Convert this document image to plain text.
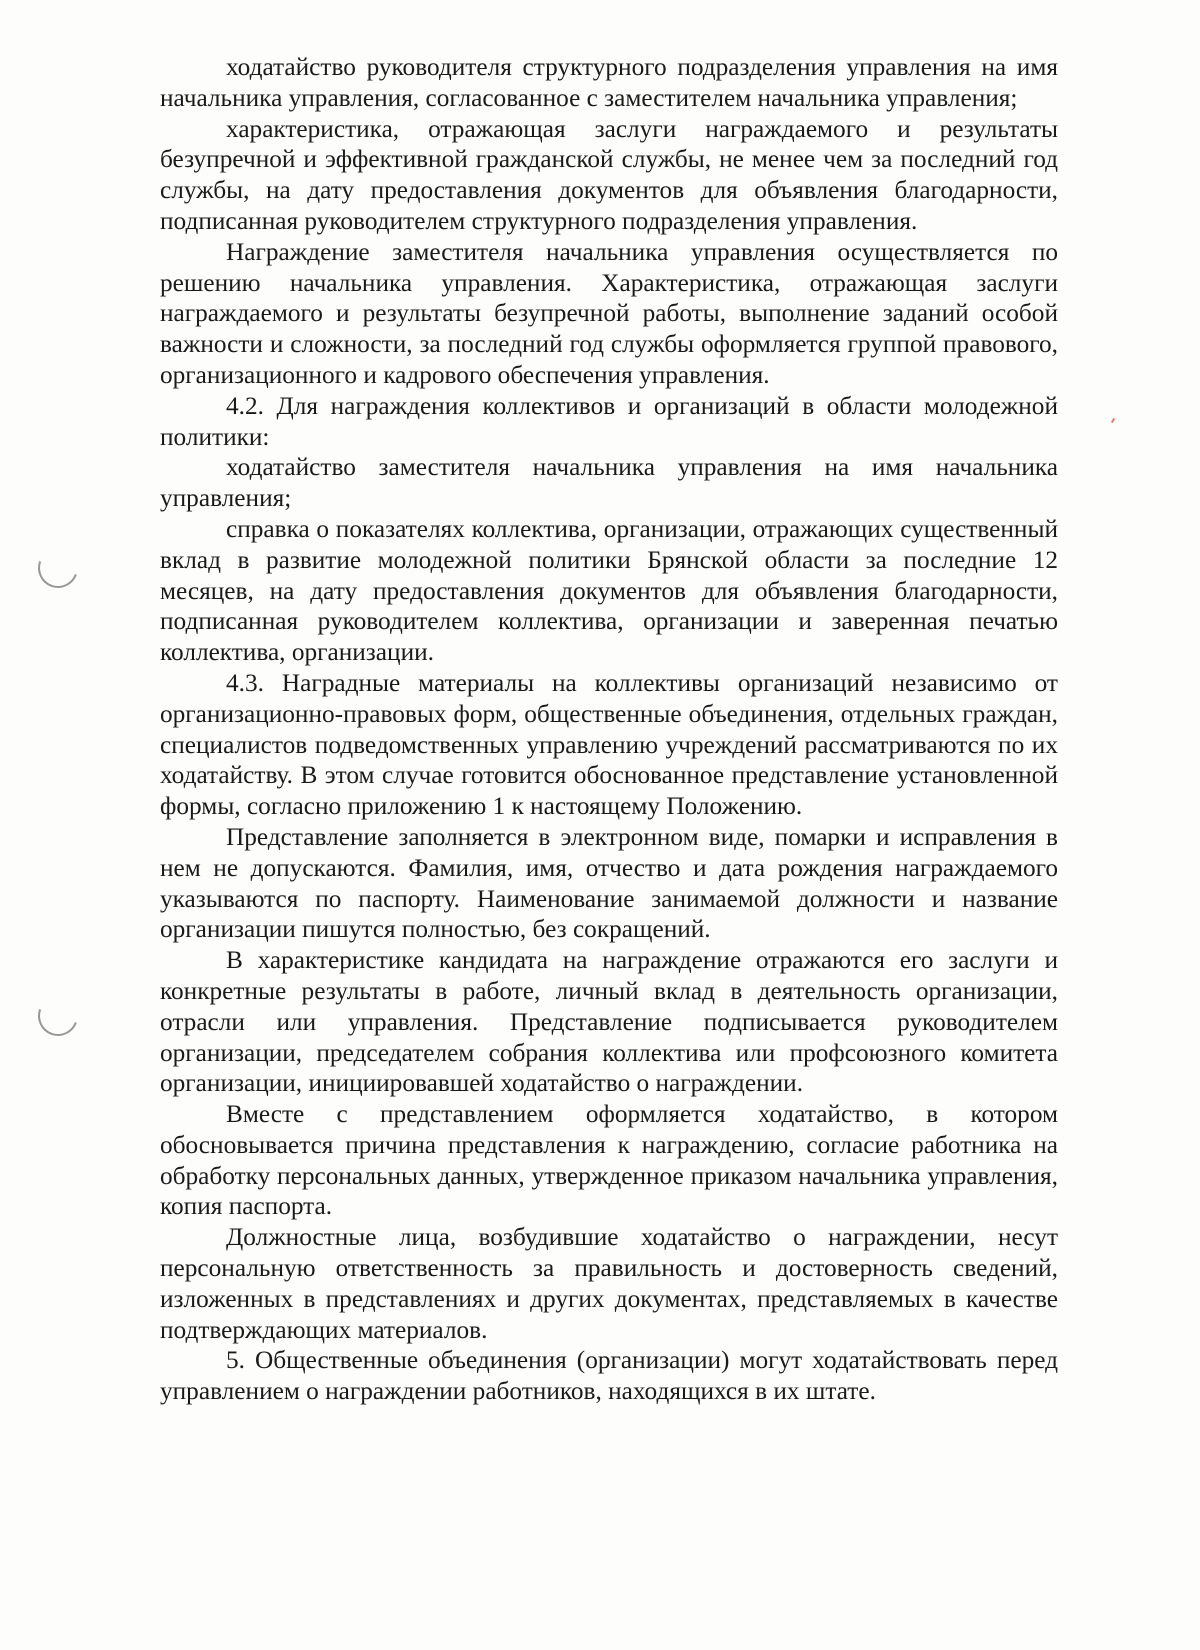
ходатайство руководителя структурного подразделения управления на имя начальника управления, согласованное с заместителем начальника управления;

характеристика, отражающая заслуги награждаемого и результаты безупречной и эффективной гражданской службы, не менее чем за последний год службы, на дату предоставления документов для объявления благодарности, подписанная руководителем структурного подразделения управления.

Награждение заместителя начальника управления осуществляется по решению начальника управления. Характеристика, отражающая заслуги награждаемого и результаты безупречной работы, выполнение заданий особой важности и сложности, за последний год службы оформляется группой правового, организационного и кадрового обеспечения управления.

4.2. Для награждения коллективов и организаций в области молодежной политики:

ходатайство заместителя начальника управления на имя начальника управления;

справка о показателях коллектива, организации, отражающих существенный вклад в развитие молодежной политики Брянской области за последние 12 месяцев, на дату предоставления документов для объявления благодарности, подписанная руководителем коллектива, организации и заверенная печатью коллектива, организации.

4.3. Наградные материалы на коллективы организаций независимо от организационно-правовых форм, общественные объединения, отдельных граждан, специалистов подведомственных управлению учреждений рассматриваются по их ходатайству. В этом случае готовится обоснованное представление установленной формы, согласно приложению 1 к настоящему Положению.

Представление заполняется в электронном виде, помарки и исправления в нем не допускаются. Фамилия, имя, отчество и дата рождения награждаемого указываются по паспорту. Наименование занимаемой должности и название организации пишутся полностью, без сокращений.

В характеристике кандидата на награждение отражаются его заслуги и конкретные результаты в работе, личный вклад в деятельность организации, отрасли или управления. Представление подписывается руководителем организации, председателем собрания коллектива или профсоюзного комитета организации, инициировавшей ходатайство о награждении.

Вместе с представлением оформляется ходатайство, в котором обосновывается причина представления к награждению, согласие работника на обработку персональных данных, утвержденное приказом начальника управления, копия паспорта.

Должностные лица, возбудившие ходатайство о награждении, несут персональную ответственность за правильность и достоверность сведений, изложенных в представлениях и других документах, представляемых в качестве подтверждающих материалов.

5. Общественные объединения (организации) могут ходатайствовать перед управлением о награждении работников, находящихся в их штате.
